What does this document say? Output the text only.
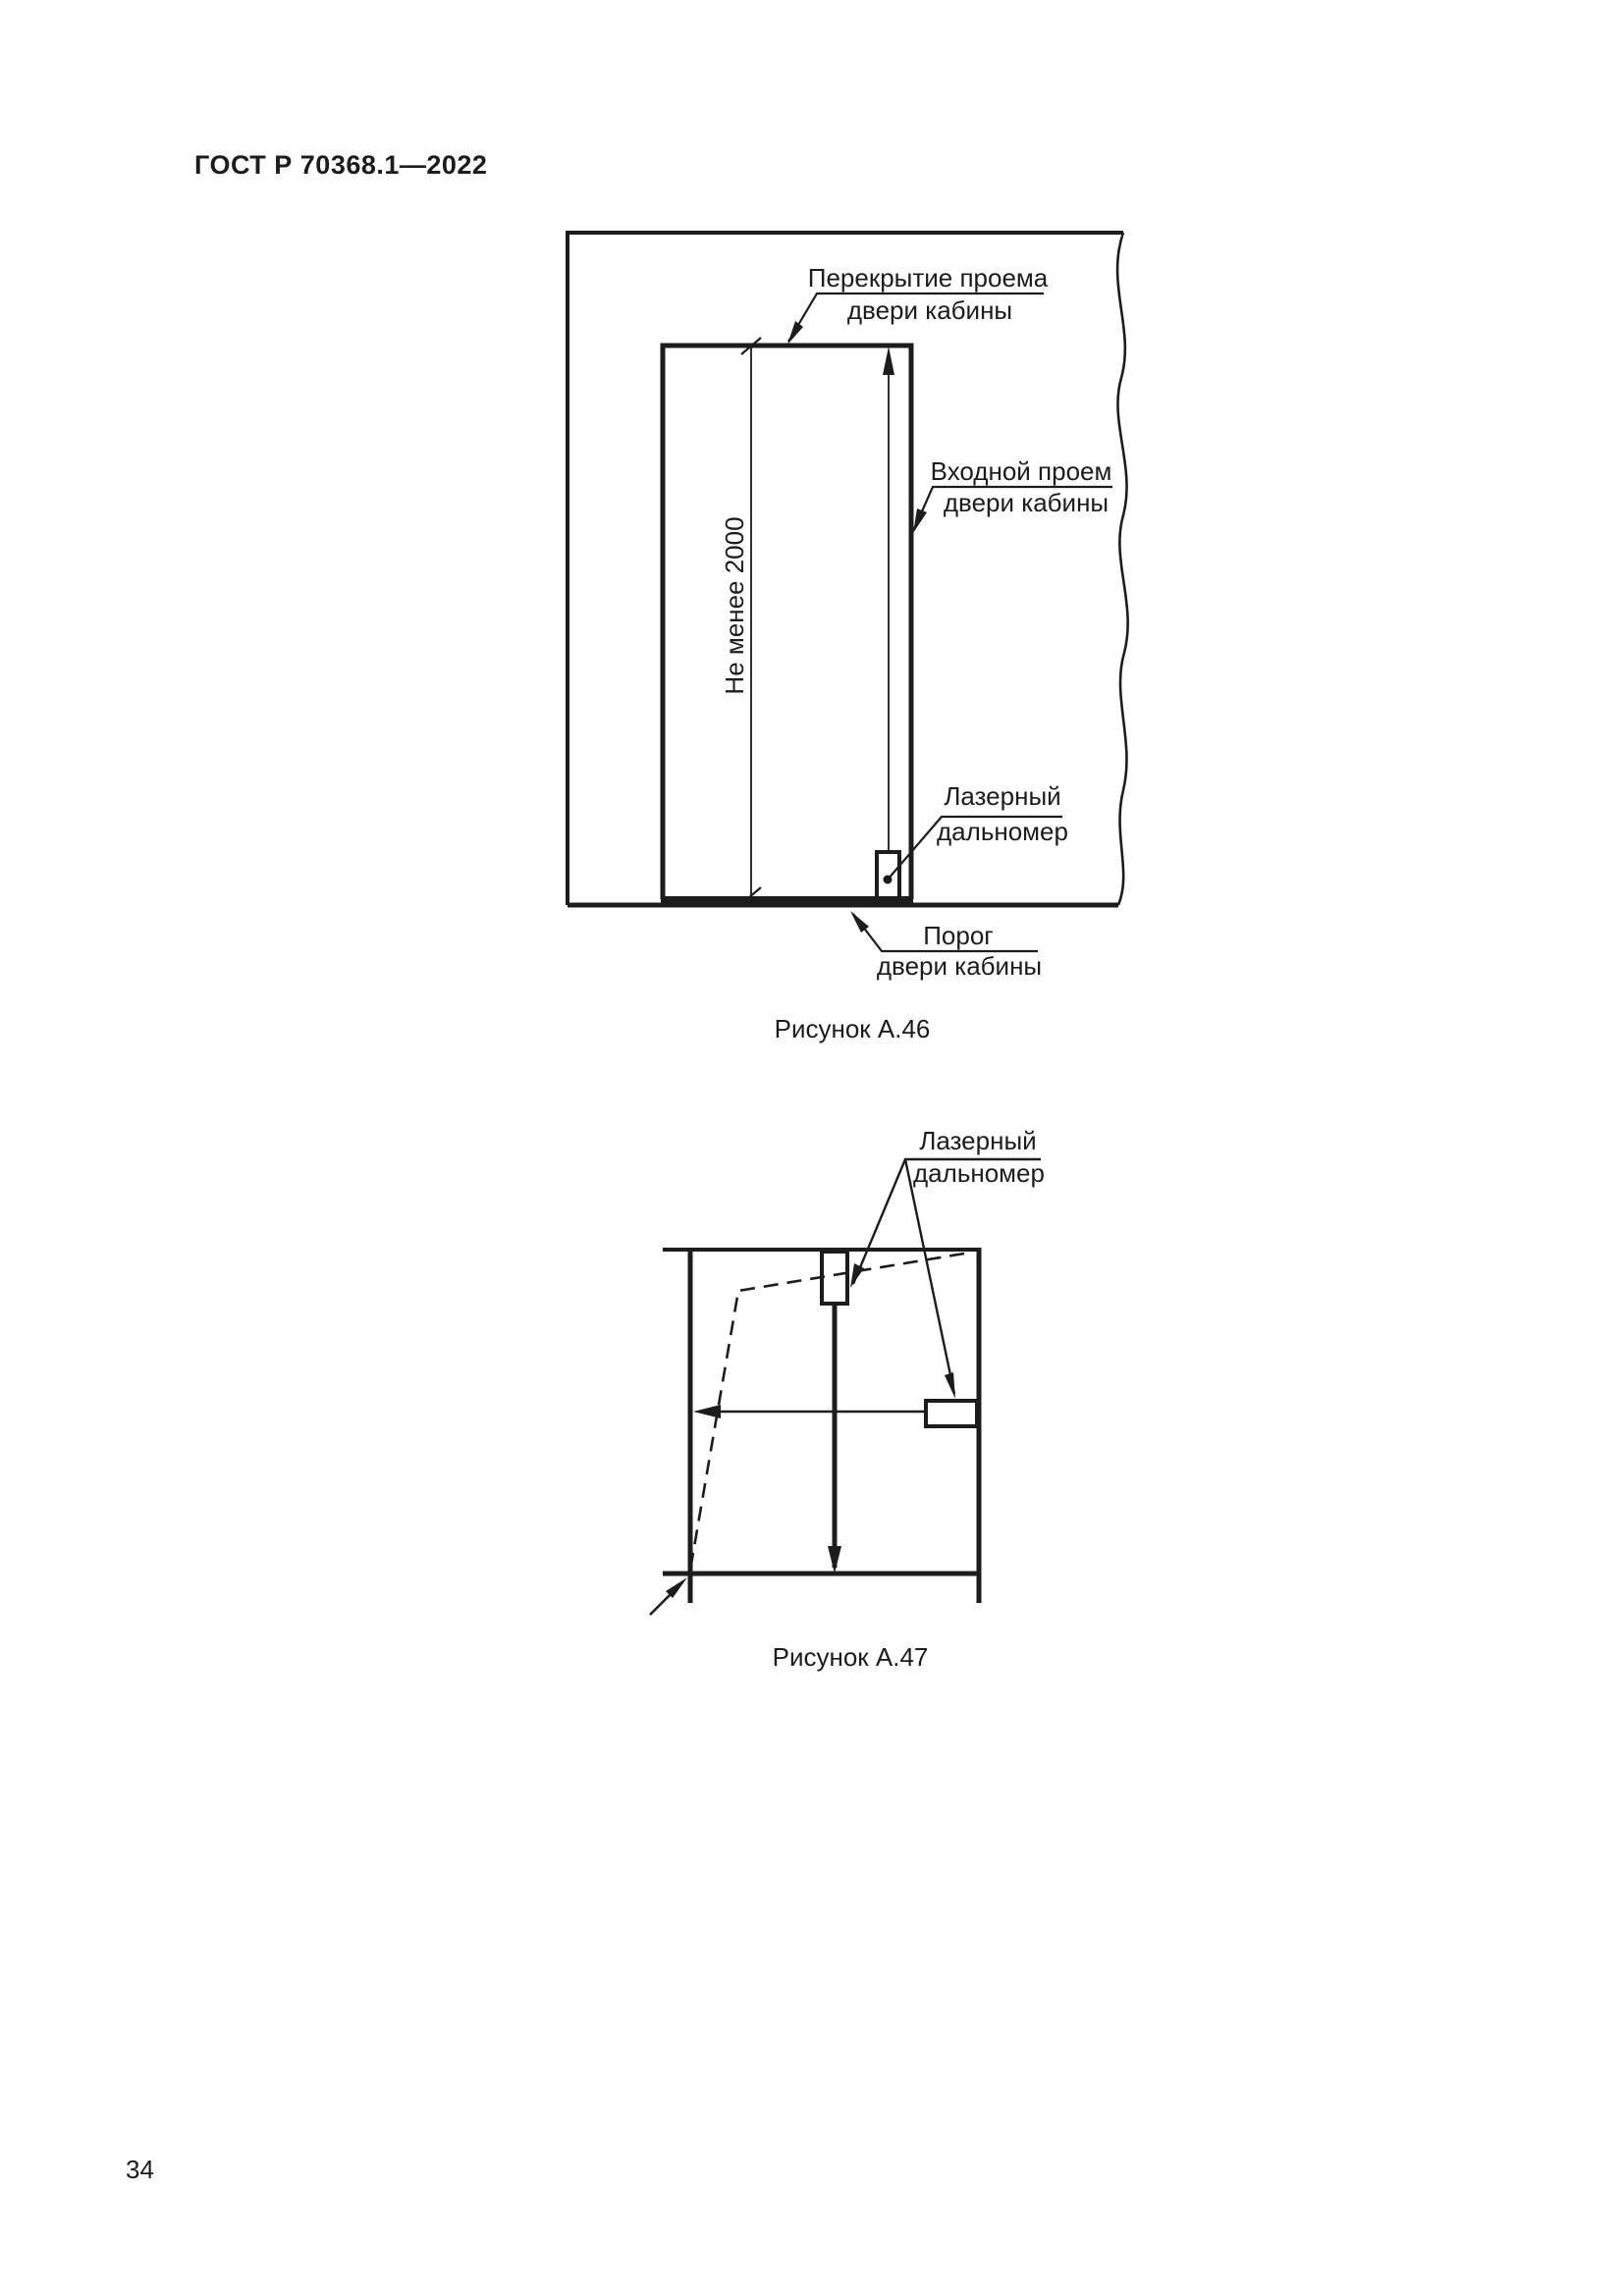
ГОСТ Р 70368.1—2022
Перекрытие проема
двери кабины
Входной проем
двери кабины
Не менее 2000
Лазерный
дальномер
Порог
двери кабины
Рисунок А.46
Лазерный
дальномер
Рисунок А.47
34
